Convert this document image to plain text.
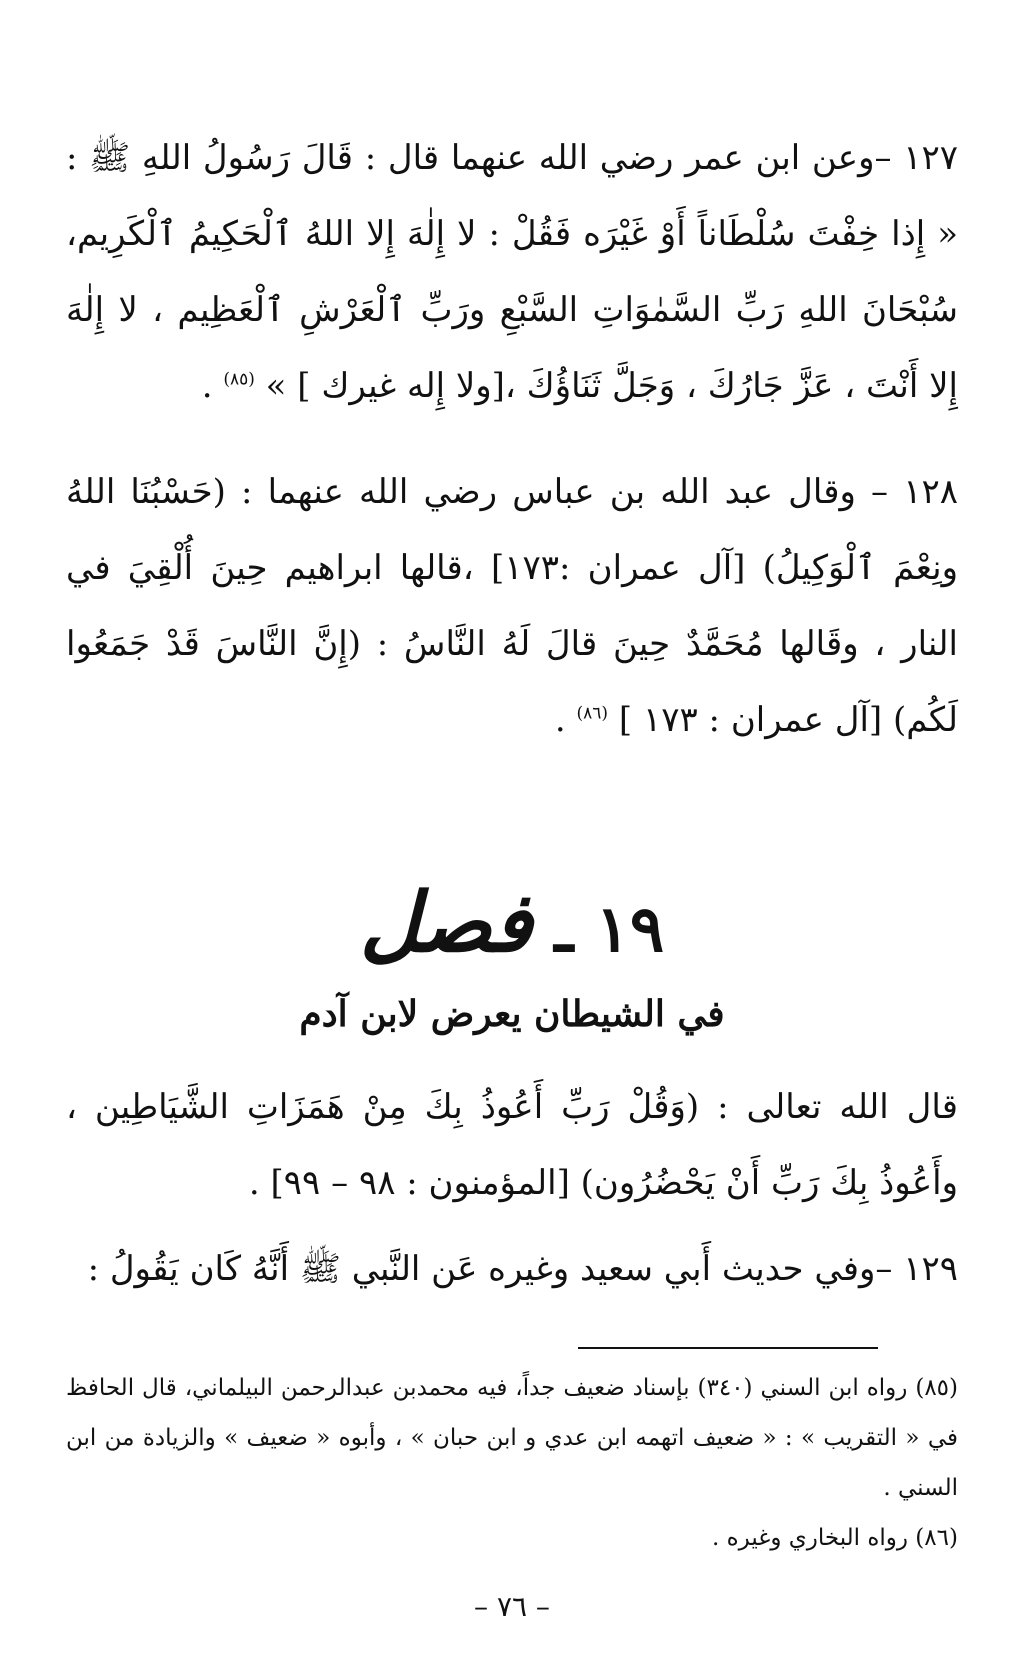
١٢٧ –وعن ابن عمر رضي الله عنهما قال : قَالَ رَسُولُ اللهِ ﷺ : « إِذا خِفْتَ سُلْطَاناً أَوْ غَيْرَه فَقُلْ : لا إِلٰهَ إِلا اللهُ ٱلْحَكِيمُ ٱلْكَرِيم، سُبْحَانَ اللهِ رَبِّ السَّمٰوَاتِ السَّبْعِ ورَبِّ ٱلْعَرْشِ ٱلْعَظِيم ، لا إِلٰهَ إِلا أَنْتَ ، عَزَّ جَارُكَ ، وَجَلَّ ثَنَاؤُكَ ،[ولا إِله غيرك ] » $^{(٨٥)}$ .

١٢٨ – وقال عبد الله بن عباس رضي الله عنهما : (حَسْبُنَا اللهُ ونِعْمَ ٱلْوَكِيلُ) [آل عمران :١٧٣] ،قالها ابراهيم حِينَ أُلْقِيَ في النار ، وقَالها مُحَمَّدٌ حِينَ قالَ لَهُ النَّاسُ : (إِنَّ النَّاسَ قَدْ جَمَعُوا لَكُم) [آل عمران : ١٧٣ ] $^{(٨٦)}$ .

١٩ ـ فصل
في الشيطان يعرض لابن آدم

قال الله تعالى : (وَقُلْ رَبِّ أَعُوذُ بِكَ مِنْ هَمَزَاتِ الشَّيَاطِين ، وأَعُوذُ بِكَ رَبِّ أَنْ يَحْضُرُون) [المؤمنون : ٩٨ – ٩٩] .

١٢٩ –وفي حديث أَبي سعيد وغيره عَن النَّبي ﷺ أَنَّهُ كَان يَقُولُ :

(٨٥) رواه ابن السني (٣٤٠) بإسناد ضعيف جداً، فيه محمدبن عبدالرحمن البيلماني، قال الحافظ في « التقريب » : « ضعيف اتهمه ابن عدي و ابن حبان » ، وأبوه « ضعيف » والزيادة من ابن السني .

(٨٦) رواه البخاري وغيره .

– ٧٦ –
